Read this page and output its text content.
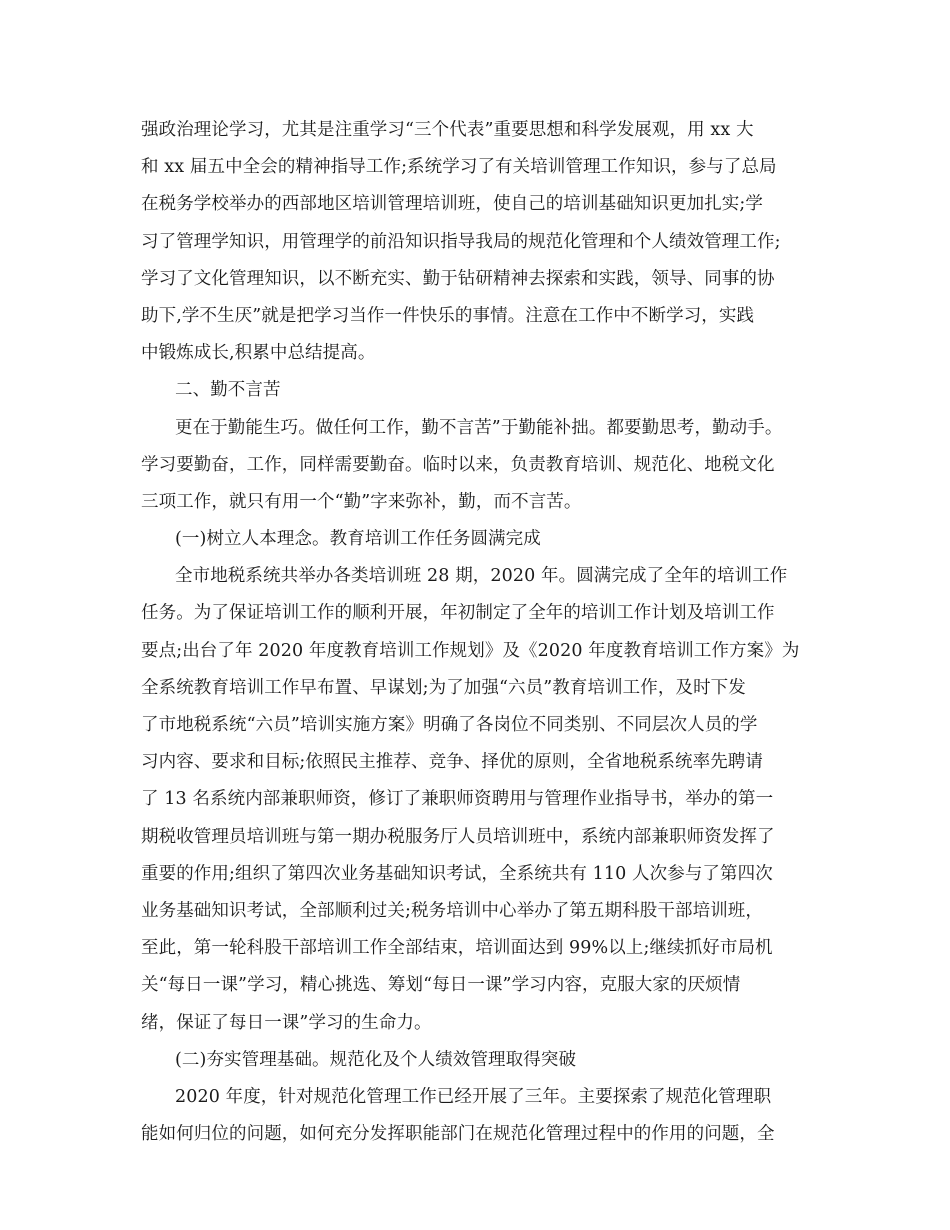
强政治理论学习，尤其是注重学习“三个代表”重要思想和科学发展观，用 xx 大
和 xx 届五中全会的精神指导工作;系统学习了有关培训管理工作知识，参与了总局
在税务学校举办的西部地区培训管理培训班，使自己的培训基础知识更加扎实;学
习了管理学知识，用管理学的前沿知识指导我局的规范化管理和个人绩效管理工作;
学习了文化管理知识，以不断充实、勤于钻研精神去探索和实践，领导、同事的协
助下,学不生厌”就是把学习当作一件快乐的事情。注意在工作中不断学习，实践
中锻炼成长,积累中总结提高。
二、勤不言苦
更在于勤能生巧。做任何工作，勤不言苦”于勤能补拙。都要勤思考，勤动手。
学习要勤奋，工作，同样需要勤奋。临时以来，负责教育培训、规范化、地税文化
三项工作，就只有用一个“勤”字来弥补，勤，而不言苦。
(一)树立人本理念。教育培训工作任务圆满完成
全市地税系统共举办各类培训班 28 期，2020 年。圆满完成了全年的培训工作
任务。为了保证培训工作的顺利开展，年初制定了全年的培训工作计划及培训工作
要点;出台了年 2020 年度教育培训工作规划》及《2020 年度教育培训工作方案》为
全系统教育培训工作早布置、早谋划;为了加强“六员”教育培训工作，及时下发
了市地税系统“六员”培训实施方案》明确了各岗位不同类别、不同层次人员的学
习内容、要求和目标;依照民主推荐、竞争、择优的原则，全省地税系统率先聘请
了 13 名系统内部兼职师资，修订了兼职师资聘用与管理作业指导书，举办的第一
期税收管理员培训班与第一期办税服务厅人员培训班中，系统内部兼职师资发挥了
重要的作用;组织了第四次业务基础知识考试，全系统共有 110 人次参与了第四次
业务基础知识考试，全部顺利过关;税务培训中心举办了第五期科股干部培训班，
至此，第一轮科股干部培训工作全部结束，培训面达到 99%以上;继续抓好市局机
关“每日一课”学习，精心挑选、筹划“每日一课”学习内容，克服大家的厌烦情
绪，保证了每日一课”学习的生命力。
(二)夯实管理基础。规范化及个人绩效管理取得突破
2020 年度，针对规范化管理工作已经开展了三年。主要探索了规范化管理职
能如何归位的问题，如何充分发挥职能部门在规范化管理过程中的作用的问题，全
